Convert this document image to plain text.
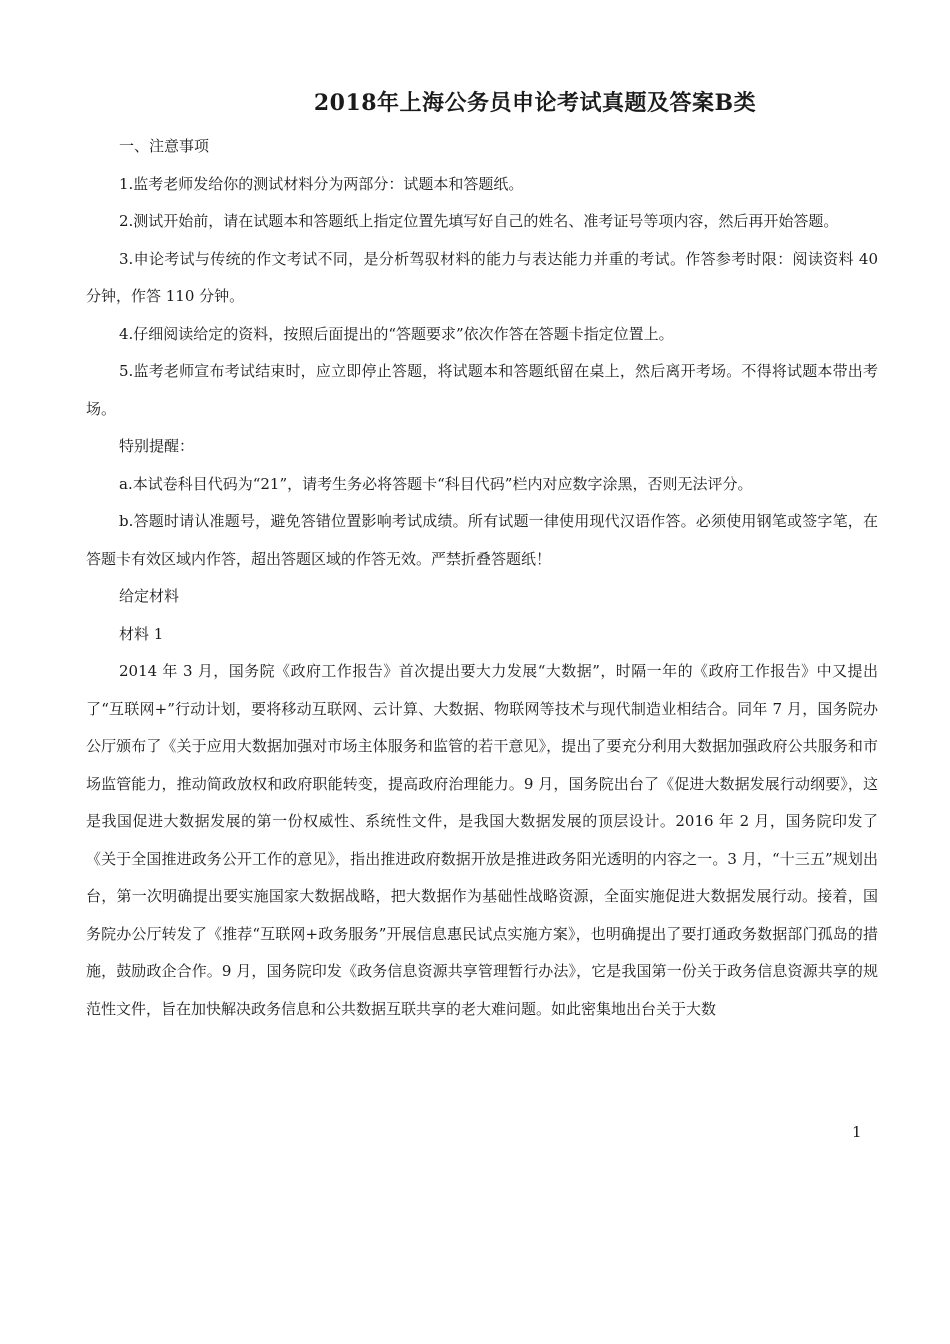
2018年上海公务员申论考试真题及答案B类

一、注意事项

1.监考老师发给你的测试材料分为两部分：试题本和答题纸。

2.测试开始前，请在试题本和答题纸上指定位置先填写好自己的姓名、准考证号等项内容，然后再开始答题。

3.申论考试与传统的作文考试不同，是分析驾驭材料的能力与表达能力并重的考试。作答参考时限：阅读资料 40 分钟，作答 110 分钟。

4.仔细阅读给定的资料，按照后面提出的“答题要求”依次作答在答题卡指定位置上。

5.监考老师宣布考试结束时，应立即停止答题，将试题本和答题纸留在桌上，然后离开考场。不得将试题本带出考场。

特别提醒：

a.本试卷科目代码为“21”，请考生务必将答题卡“科目代码”栏内对应数字涂黑，否则无法评分。

b.答题时请认准题号，避免答错位置影响考试成绩。所有试题一律使用现代汉语作答。必须使用钢笔或签字笔，在答题卡有效区域内作答，超出答题区域的作答无效。严禁折叠答题纸！

给定材料

材料 1

2014 年 3 月，国务院《政府工作报告》首次提出要大力发展“大数据”，时隔一年的《政府工作报告》中又提出了“互联网+”行动计划，要将移动互联网、云计算、大数据、物联网等技术与现代制造业相结合。同年 7 月，国务院办公厅颁布了《关于应用大数据加强对市场主体服务和监管的若干意见》，提出了要充分利用大数据加强政府公共服务和市场监管能力，推动简政放权和政府职能转变，提高政府治理能力。9 月，国务院出台了《促进大数据发展行动纲要》，这是我国促进大数据发展的第一份权威性、系统性文件，是我国大数据发展的顶层设计。2016 年 2 月，国务院印发了《关于全国推进政务公开工作的意见》，指出推进政府数据开放是推进政务阳光透明的内容之一。3 月，“十三五”规划出台，第一次明确提出要实施国家大数据战略，把大数据作为基础性战略资源，全面实施促进大数据发展行动。接着，国务院办公厅转发了《推荐“互联网+政务服务”开展信息惠民试点实施方案》，也明确提出了要打通政务数据部门孤岛的措施，鼓励政企合作。9 月，国务院印发《政务信息资源共享管理暂行办法》，它是我国第一份关于政务信息资源共享的规范性文件，旨在加快解决政务信息和公共数据互联共享的老大难问题。如此密集地出台关于大数

1
